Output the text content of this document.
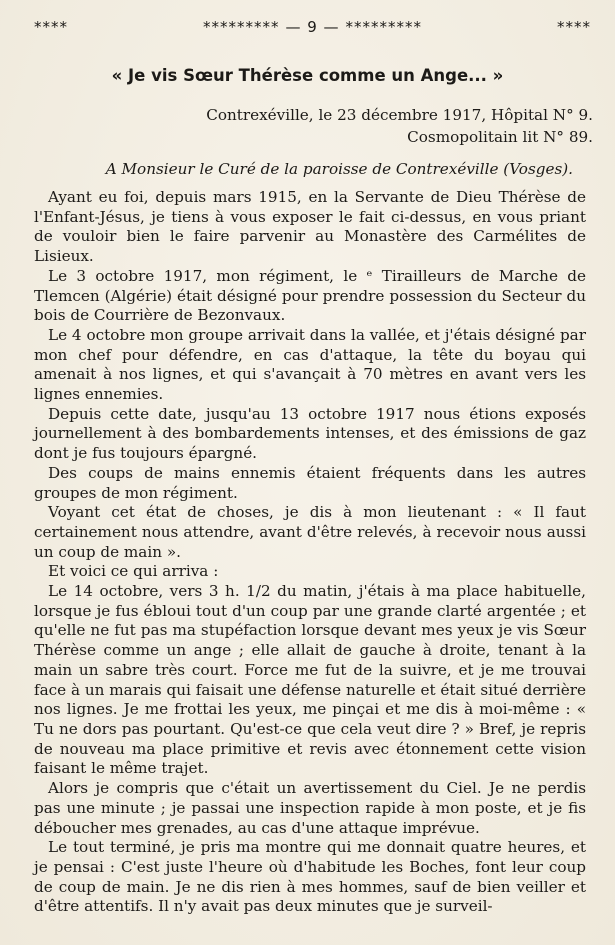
****	********* — 9 — *********	****
« Je vis Sœur Thérèse comme un Ange... »
Contrexéville, le 23 décembre 1917, Hôpital N° 9.
Cosmopolitain lit N° 89.
A Monsieur le Curé de la paroisse de Contrexéville (Vosges).

Ayant eu foi, depuis mars 1915, en la Servante de Dieu Thérèse de l'Enfant-Jésus, je tiens à vous exposer le fait ci-dessus, en vous priant de vouloir bien le faire parvenir au Monastère des Carmélites de Lisieux.

Le 3 octobre 1917, mon régiment, le ᵉ Tirailleurs de Marche de Tlemcen (Algérie) était désigné pour prendre possession du Secteur du bois de Courrière de Bezonvaux.

Le 4 octobre mon groupe arrivait dans la vallée, et j'étais désigné par mon chef pour défendre, en cas d'attaque, la tête du boyau qui amenait à nos lignes, et qui s'avançait à 70 mètres en avant vers les lignes ennemies.

Depuis cette date, jusqu'au 13 octobre 1917 nous étions exposés journellement à des bombardements intenses, et des émissions de gaz dont je fus toujours épargné.

Des coups de mains ennemis étaient fréquents dans les autres groupes de mon régiment.

Voyant cet état de choses, je dis à mon lieutenant : « Il faut certainement nous attendre, avant d'être relevés, à recevoir nous aussi un coup de main ».

Et voici ce qui arriva :

Le 14 octobre, vers 3 h. 1/2 du matin, j'étais à ma place habituelle, lorsque je fus ébloui tout d'un coup par une grande clarté argentée ; et qu'elle ne fut pas ma stupéfaction lorsque devant mes yeux je vis Sœur Thérèse comme un ange ; elle allait de gauche à droite, tenant à la main un sabre très court. Force me fut de la suivre, et je me trouvai face à un marais qui faisait une défense naturelle et était situé derrière nos lignes. Je me frottai les yeux, me pinçai et me dis à moi-même : « Tu ne dors pas pourtant. Qu'est-ce que cela veut dire ? » Bref, je repris de nouveau ma place primitive et revis avec étonnement cette vision faisant le même trajet.

Alors je compris que c'était un avertissement du Ciel. Je ne perdis pas une minute ; je passai une inspection rapide à mon poste, et je fis déboucher mes grenades, au cas d'une attaque imprévue.

Le tout terminé, je pris ma montre qui me donnait quatre heures, et je pensai : C'est juste l'heure où d'habitude les Boches, font leur coup de coup de main. Je ne dis rien à mes hommes, sauf de bien veiller et d'être attentifs. Il n'y avait pas deux minutes que je surveil-
